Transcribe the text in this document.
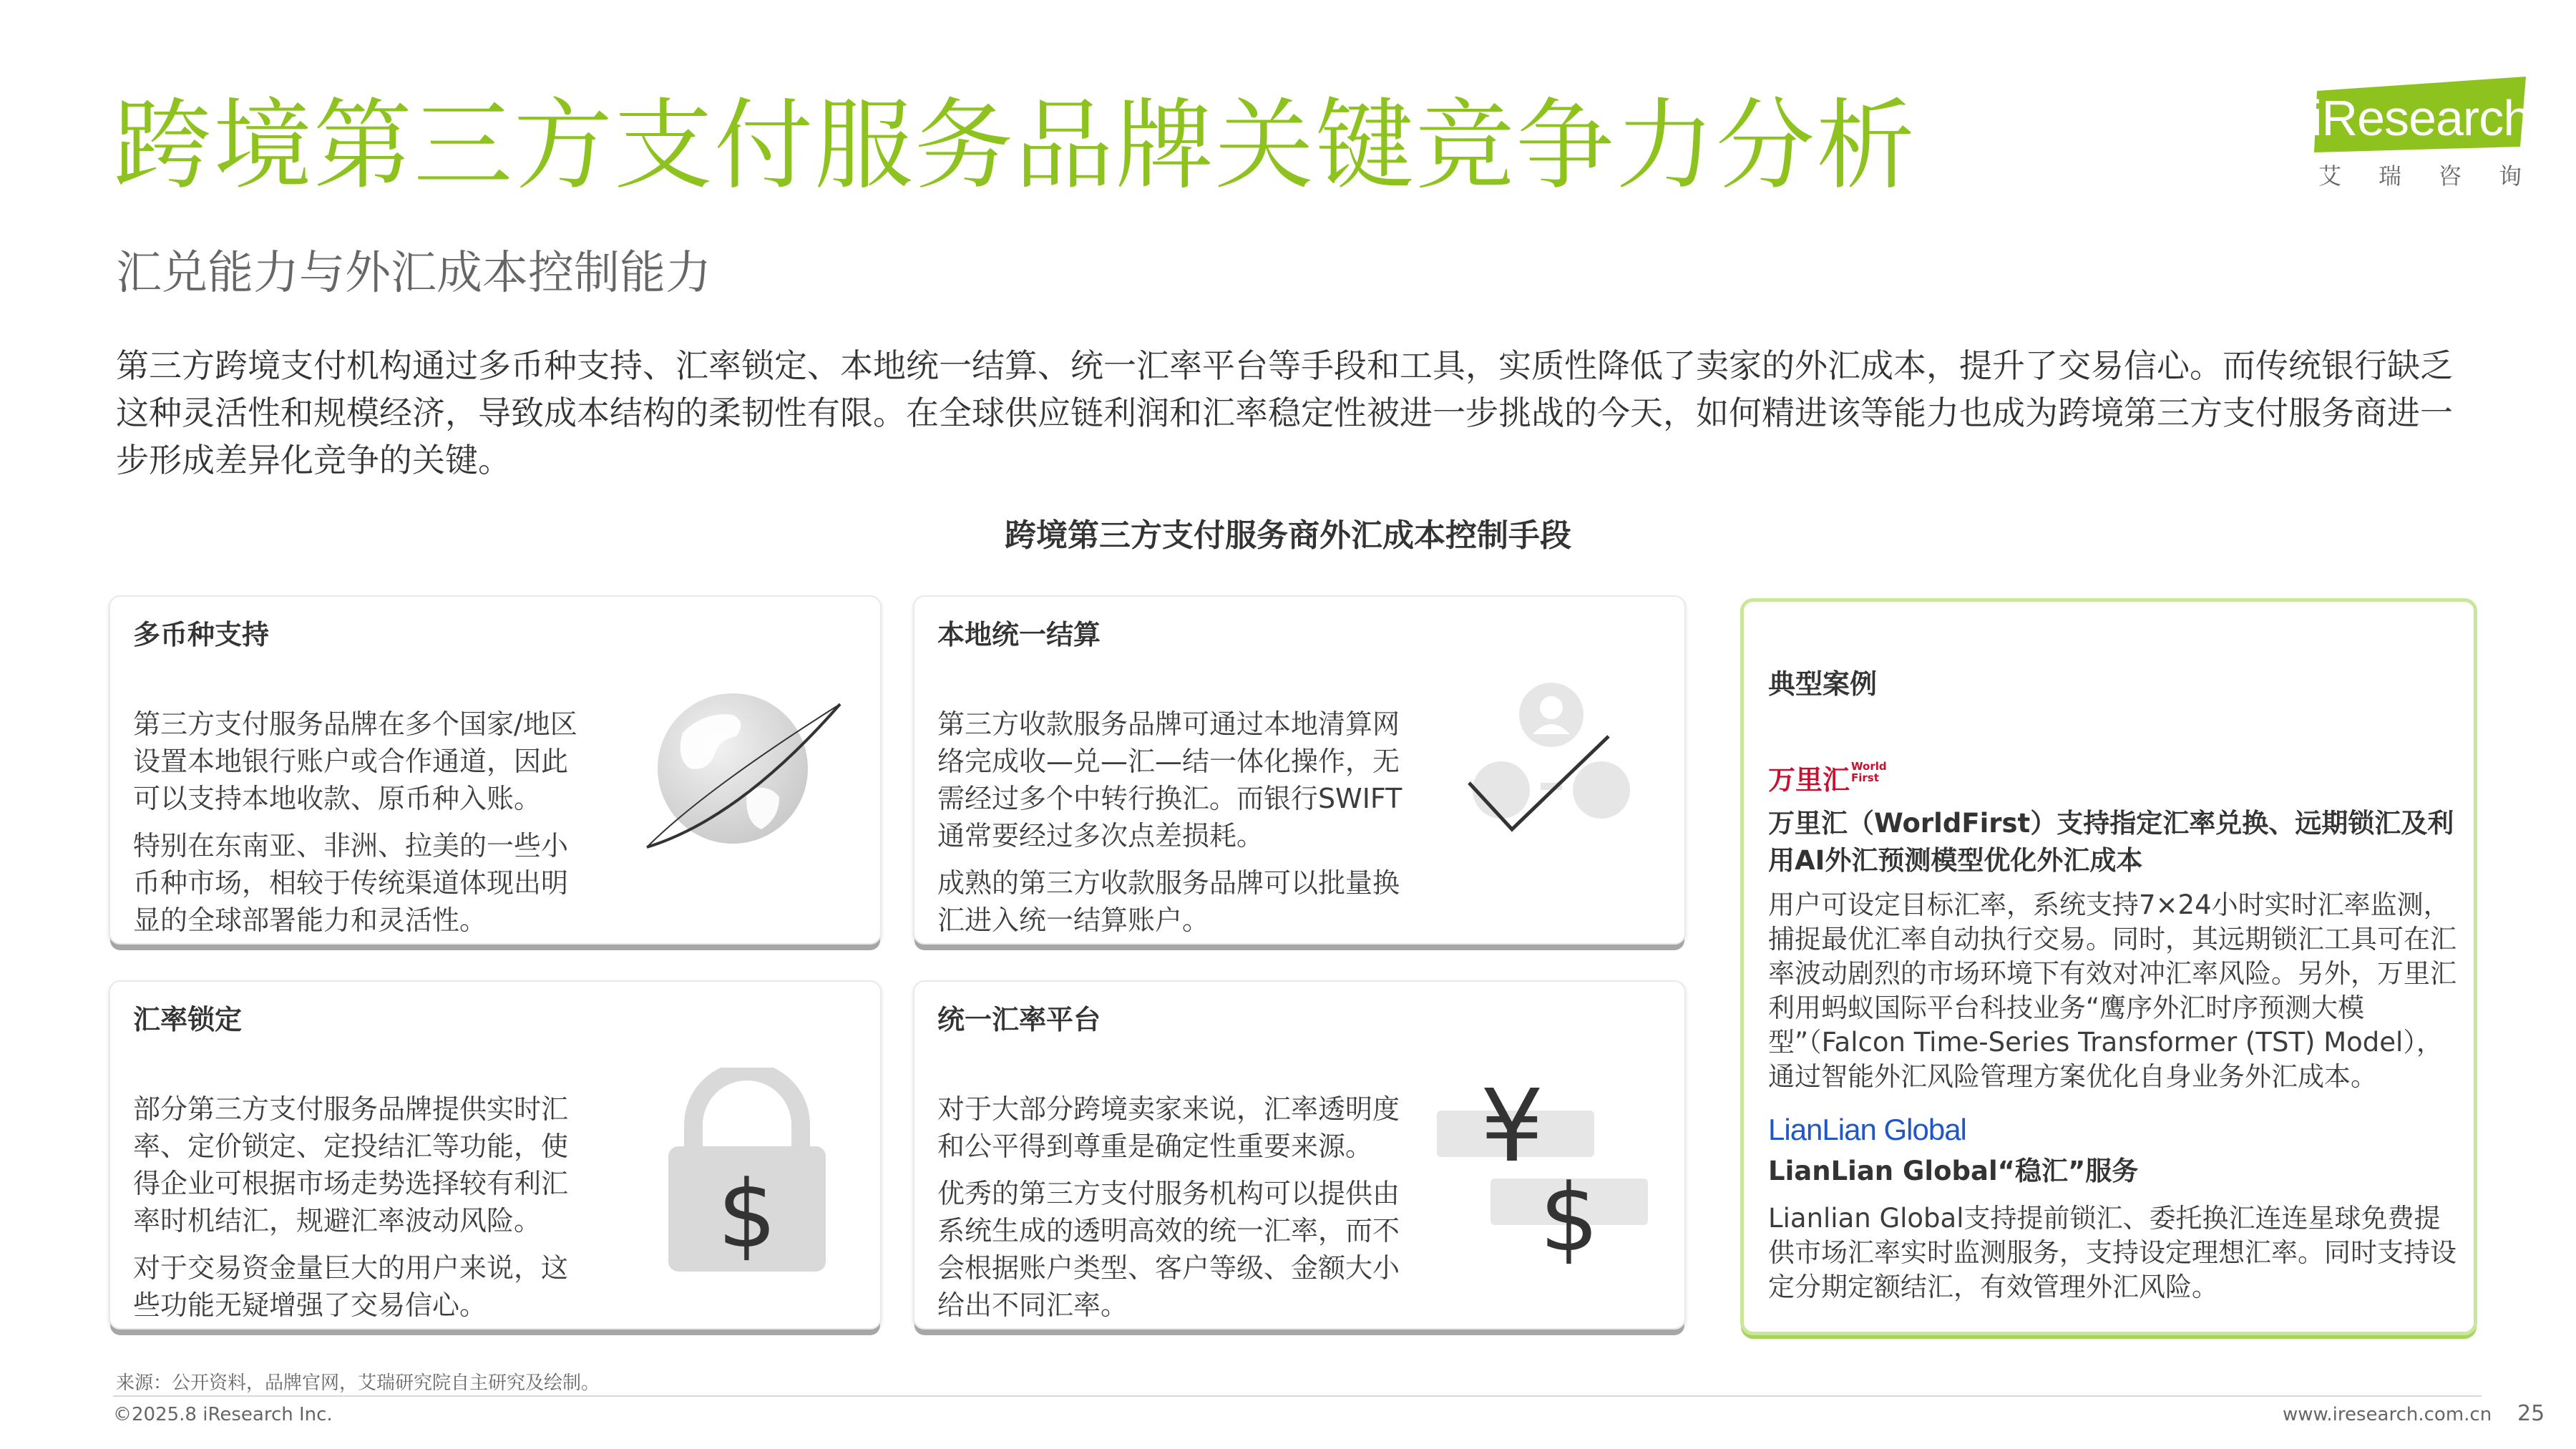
跨境第三方支付服务品牌关键竞争力分析
汇兑能力与外汇成本控制能力
iResearch
艾瑞咨询
第三方跨境支付机构通过多币种支持、汇率锁定、本地统一结算、统一汇率平台等手段和工具，实质性降低了卖家的外汇成本，提升了交易信心。而传统银行缺乏这种灵活性和规模经济，导致成本结构的柔韧性有限。在全球供应链利润和汇率稳定性被进一步挑战的今天，如何精进该等能力也成为跨境第三方支付服务商进一步形成差异化竞争的关键。
跨境第三方支付服务商外汇成本控制手段
多币种支持

第三方支付服务品牌在多个国家/地区设置本地银行账户或合作通道，因此可以支持本地收款、原币种入账。

特别在东南亚、非洲、拉美的一些小币种市场，相较于传统渠道体现出明显的全球部署能力和灵活性。

本地统一结算

第三方收款服务品牌可通过本地清算网络完成收—兑—汇—结一体化操作，无需经过多个中转行换汇。而银行SWIFT通常要经过多次点差损耗。

成熟的第三方收款服务品牌可以批量换汇进入统一结算账户。

汇率锁定

部分第三方支付服务品牌提供实时汇率、定价锁定、定投结汇等功能，使得企业可根据市场走势选择较有利汇率时机结汇，规避汇率波动风险。

对于交易资金量巨大的用户来说，这些功能无疑增强了交易信心。

$
统一汇率平台

对于大部分跨境卖家来说，汇率透明度和公平得到尊重是确定性重要来源。

优秀的第三方支付服务机构可以提供由系统生成的透明高效的统一汇率，而不会根据账户类型、客户等级、金额大小给出不同汇率。

¥
$
典型案例
万里汇 World First
万里汇（WorldFirst）支持指定汇率兑换、远期锁汇及利用AI外汇预测模型优化外汇成本
用户可设定目标汇率，系统支持7×24小时实时汇率监测，捕捉最优汇率自动执行交易。同时，其远期锁汇工具可在汇率波动剧烈的市场环境下有效对冲汇率风险。另外，万里汇利用蚂蚁国际平台科技业务“鹰序外汇时序预测大模型”（Falcon Time-Series Transformer (TST) Model），通过智能外汇风险管理方案优化自身业务外汇成本。
LianLian Global
LianLian Global“稳汇”服务
Lianlian Global支持提前锁汇、委托换汇连连星球免费提供市场汇率实时监测服务，支持设定理想汇率。同时支持设定分期定额结汇，有效管理外汇风险。
来源：公开资料，品牌官网，艾瑞研究院自主研究及绘制。
©2025.8 iResearch Inc.	www.iresearch.com.cn 25
